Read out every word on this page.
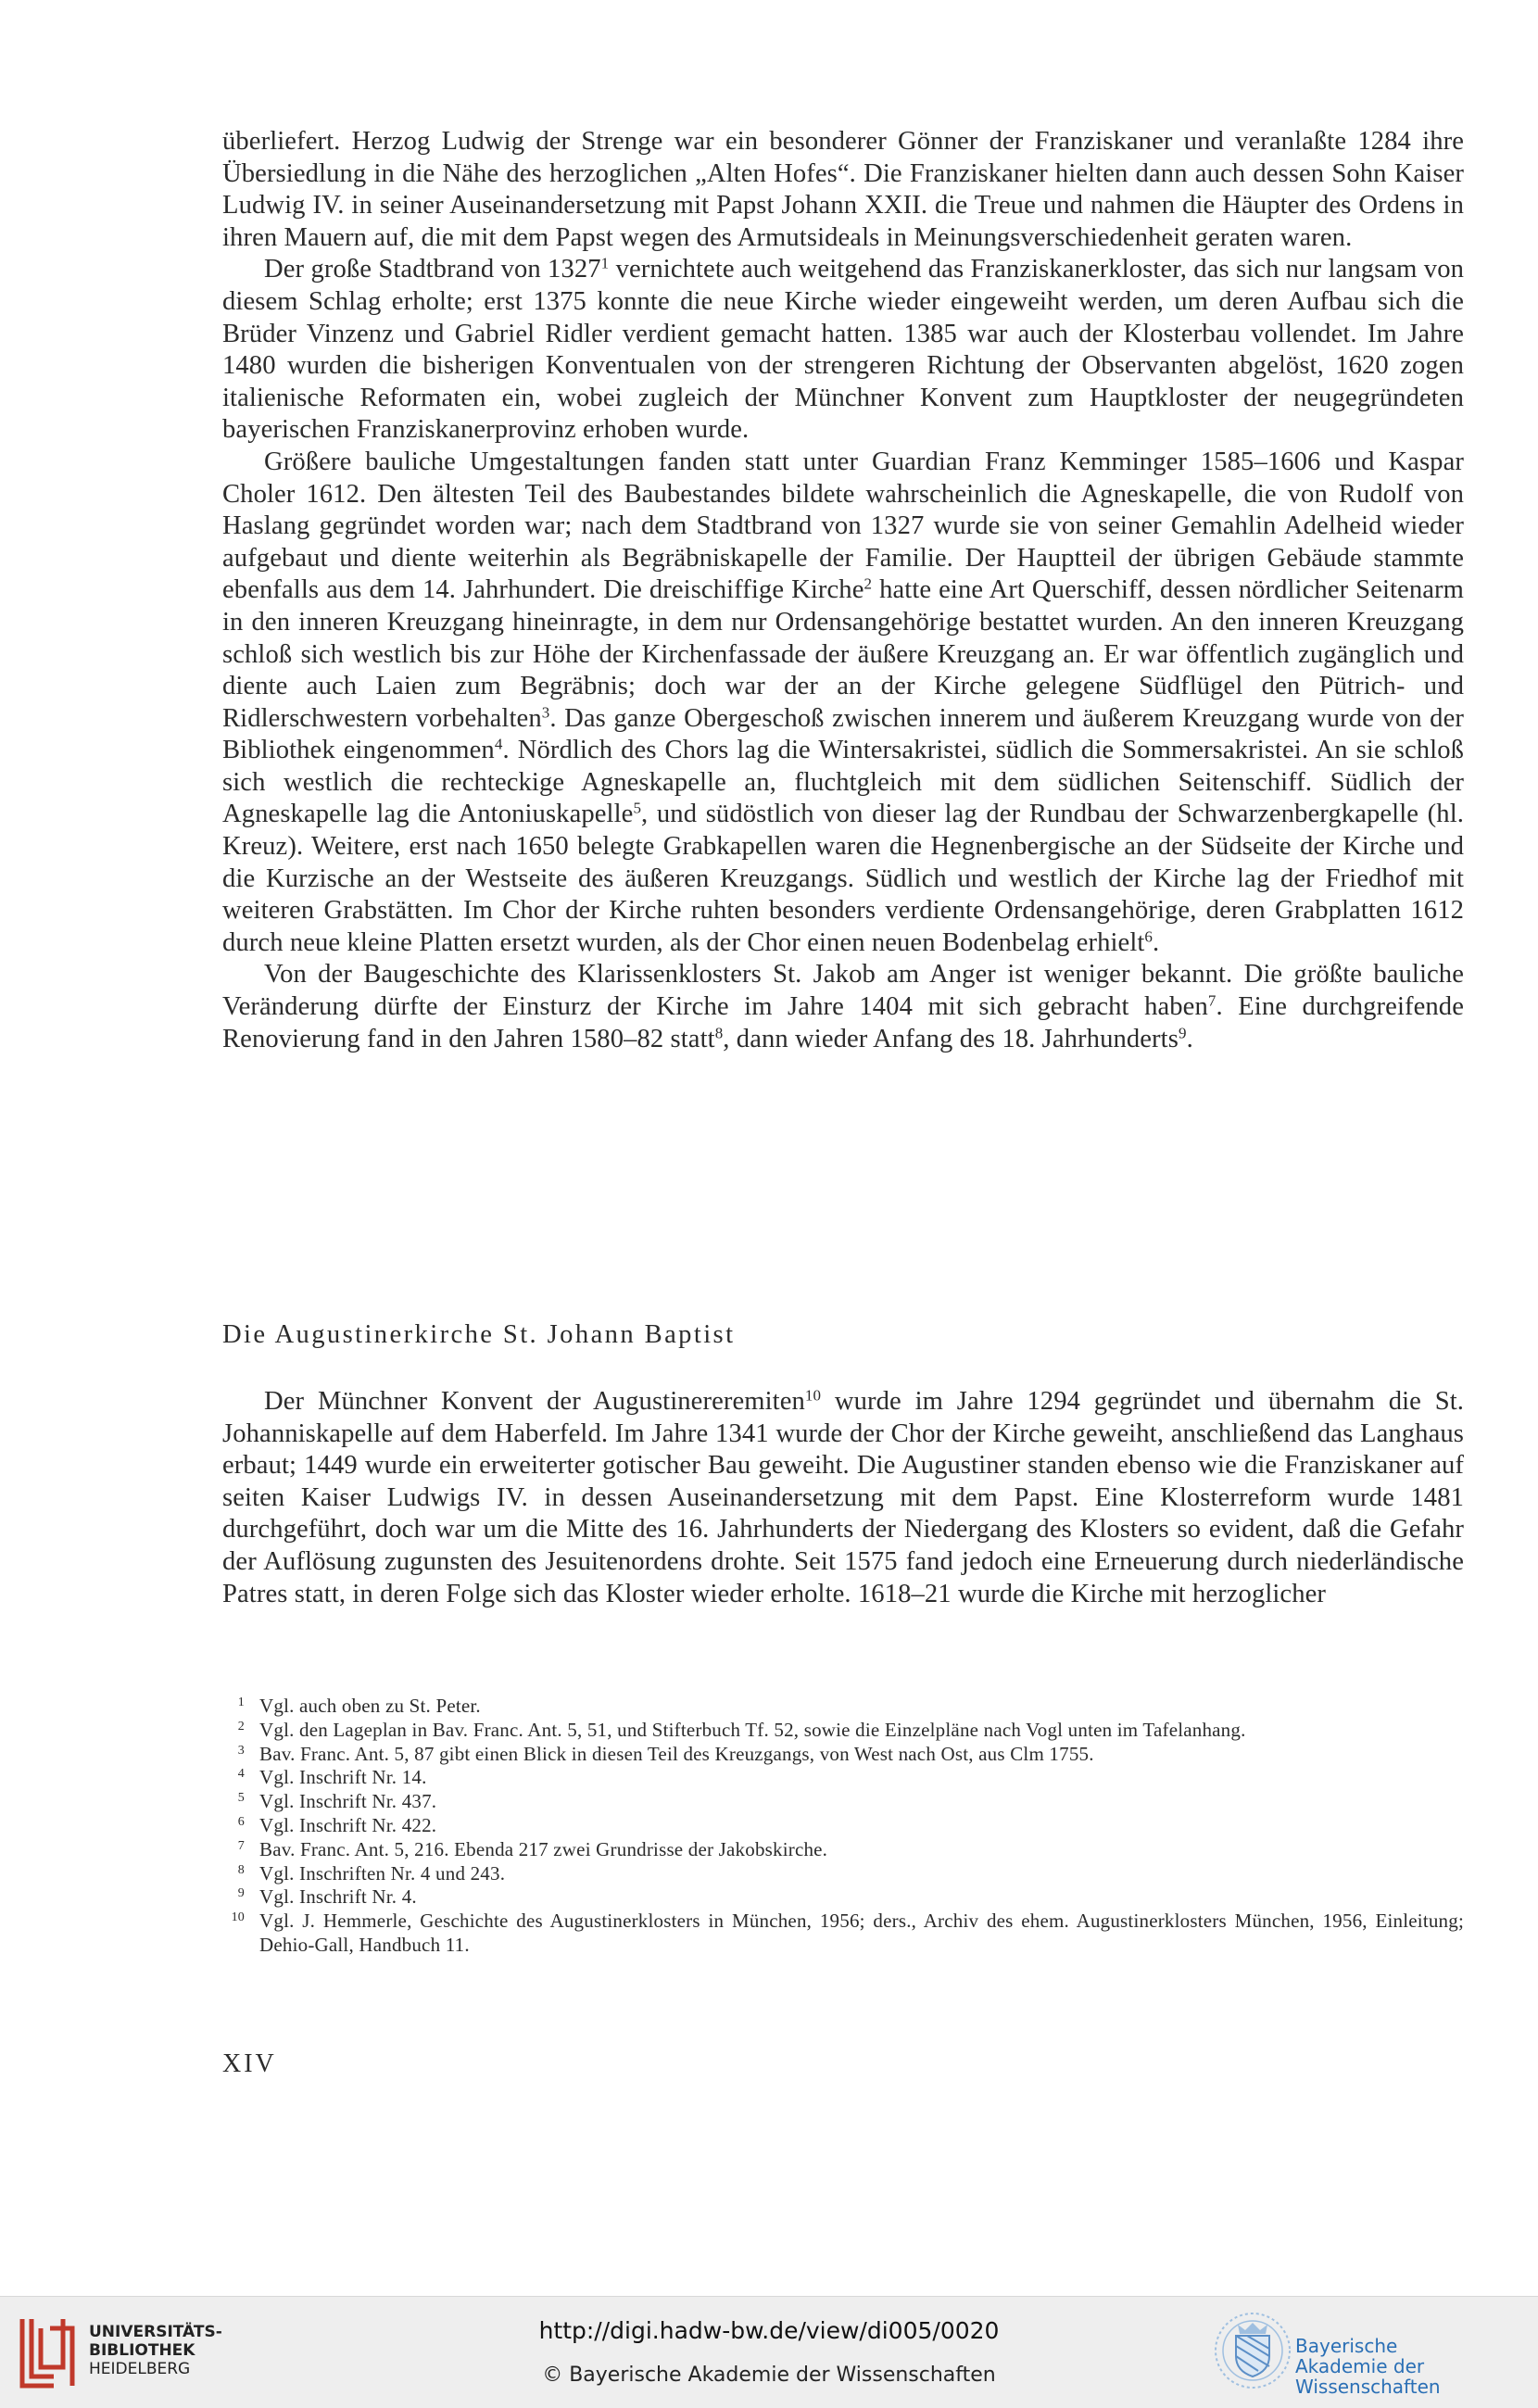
überliefert. Herzog Ludwig der Strenge war ein besonderer Gönner der Franziskaner und veranlaßte 1284 ihre Übersiedlung in die Nähe des herzoglichen „Alten Hofes“. Die Franziskaner hielten dann auch dessen Sohn Kaiser Ludwig IV. in seiner Auseinandersetzung mit Papst Johann XXII. die Treue und nahmen die Häupter des Ordens in ihren Mauern auf, die mit dem Papst wegen des Armutsideals in Meinungsverschiedenheit geraten waren.

Der große Stadtbrand von 1327$^1$ vernichtete auch weitgehend das Franziskanerkloster, das sich nur langsam von diesem Schlag erholte; erst 1375 konnte die neue Kirche wieder eingeweiht werden, um deren Aufbau sich die Brüder Vinzenz und Gabriel Ridler verdient gemacht hatten. 1385 war auch der Klosterbau vollendet. Im Jahre 1480 wurden die bisherigen Konventualen von der strengeren Richtung der Observanten abgelöst, 1620 zogen italienische Reformaten ein, wobei zugleich der Münchner Konvent zum Hauptkloster der neugegründeten bayerischen Franziskanerprovinz erhoben wurde.

Größere bauliche Umgestaltungen fanden statt unter Guardian Franz Kemminger 1585–1606 und Kaspar Choler 1612. Den ältesten Teil des Baubestandes bildete wahrscheinlich die Agneskapelle, die von Rudolf von Haslang gegründet worden war; nach dem Stadtbrand von 1327 wurde sie von seiner Gemahlin Adelheid wieder aufgebaut und diente weiterhin als Begräbniskapelle der Familie. Der Hauptteil der übrigen Gebäude stammte ebenfalls aus dem 14. Jahrhundert. Die dreischiffige Kirche$^2$ hatte eine Art Querschiff, dessen nördlicher Seitenarm in den inneren Kreuzgang hineinragte, in dem nur Ordensangehörige bestattet wurden. An den inneren Kreuzgang schloß sich westlich bis zur Höhe der Kirchenfassade der äußere Kreuzgang an. Er war öffentlich zugänglich und diente auch Laien zum Begräbnis; doch war der an der Kirche gelegene Südflügel den Pütrich- und Ridlerschwestern vorbehalten$^3$. Das ganze Obergeschoß zwischen innerem und äußerem Kreuzgang wurde von der Bibliothek eingenommen$^4$. Nördlich des Chors lag die Wintersakristei, südlich die Sommersakristei. An sie schloß sich westlich die rechteckige Agneskapelle an, fluchtgleich mit dem südlichen Seitenschiff. Südlich der Agneskapelle lag die Antoniuskapelle$^5$, und südöstlich von dieser lag der Rundbau der Schwarzenbergkapelle (hl. Kreuz). Weitere, erst nach 1650 belegte Grabkapellen waren die Hegnenbergische an der Südseite der Kirche und die Kurzische an der Westseite des äußeren Kreuzgangs. Südlich und westlich der Kirche lag der Friedhof mit weiteren Grabstätten. Im Chor der Kirche ruhten besonders verdiente Ordensangehörige, deren Grabplatten 1612 durch neue kleine Platten ersetzt wurden, als der Chor einen neuen Bodenbelag erhielt$^6$.

Von der Baugeschichte des Klarissenklosters St. Jakob am Anger ist weniger bekannt. Die größte bauliche Veränderung dürfte der Einsturz der Kirche im Jahre 1404 mit sich gebracht haben$^7$. Eine durchgreifende Renovierung fand in den Jahren 1580–82 statt$^8$, dann wieder Anfang des 18. Jahrhunderts$^9$.

Die Augustinerkirche St. Johann Baptist

Der Münchner Konvent der Augustinereremiten$^{10}$ wurde im Jahre 1294 gegründet und übernahm die St. Johanniskapelle auf dem Haberfeld. Im Jahre 1341 wurde der Chor der Kirche geweiht, anschließend das Langhaus erbaut; 1449 wurde ein erweiterter gotischer Bau geweiht. Die Augustiner standen ebenso wie die Franziskaner auf seiten Kaiser Ludwigs IV. in dessen Auseinandersetzung mit dem Papst. Eine Klosterreform wurde 1481 durchgeführt, doch war um die Mitte des 16. Jahrhunderts der Niedergang des Klosters so evident, daß die Gefahr der Auflösung zugunsten des Jesuitenordens drohte. Seit 1575 fand jedoch eine Erneuerung durch niederländische Patres statt, in deren Folge sich das Kloster wieder erholte. 1618–21 wurde die Kirche mit herzoglicher

1 Vgl. auch oben zu St. Peter.
2 Vgl. den Lageplan in Bav. Franc. Ant. 5, 51, und Stifterbuch Tf. 52, sowie die Einzelpläne nach Vogl unten im Tafelanhang.
3 Bav. Franc. Ant. 5, 87 gibt einen Blick in diesen Teil des Kreuzgangs, von West nach Ost, aus Clm 1755.
4 Vgl. Inschrift Nr. 14.
5 Vgl. Inschrift Nr. 437.
6 Vgl. Inschrift Nr. 422.
7 Bav. Franc. Ant. 5, 216. Ebenda 217 zwei Grundrisse der Jakobskirche.
8 Vgl. Inschriften Nr. 4 und 243.
9 Vgl. Inschrift Nr. 4.
10 Vgl. J. Hemmerle, Geschichte des Augustinerklosters in München, 1956; ders., Archiv des ehem. Augustinerklosters München, 1956, Einleitung; Dehio-Gall, Handbuch 11.
XIV
UNIVERSITÄTS-
BIBLIOTHEK
HEIDELBERG
http://digi.hadw-bw.de/view/di005/0020
© Bayerische Akademie der Wissenschaften
Bayerische
Akademie der Wissenschaften
